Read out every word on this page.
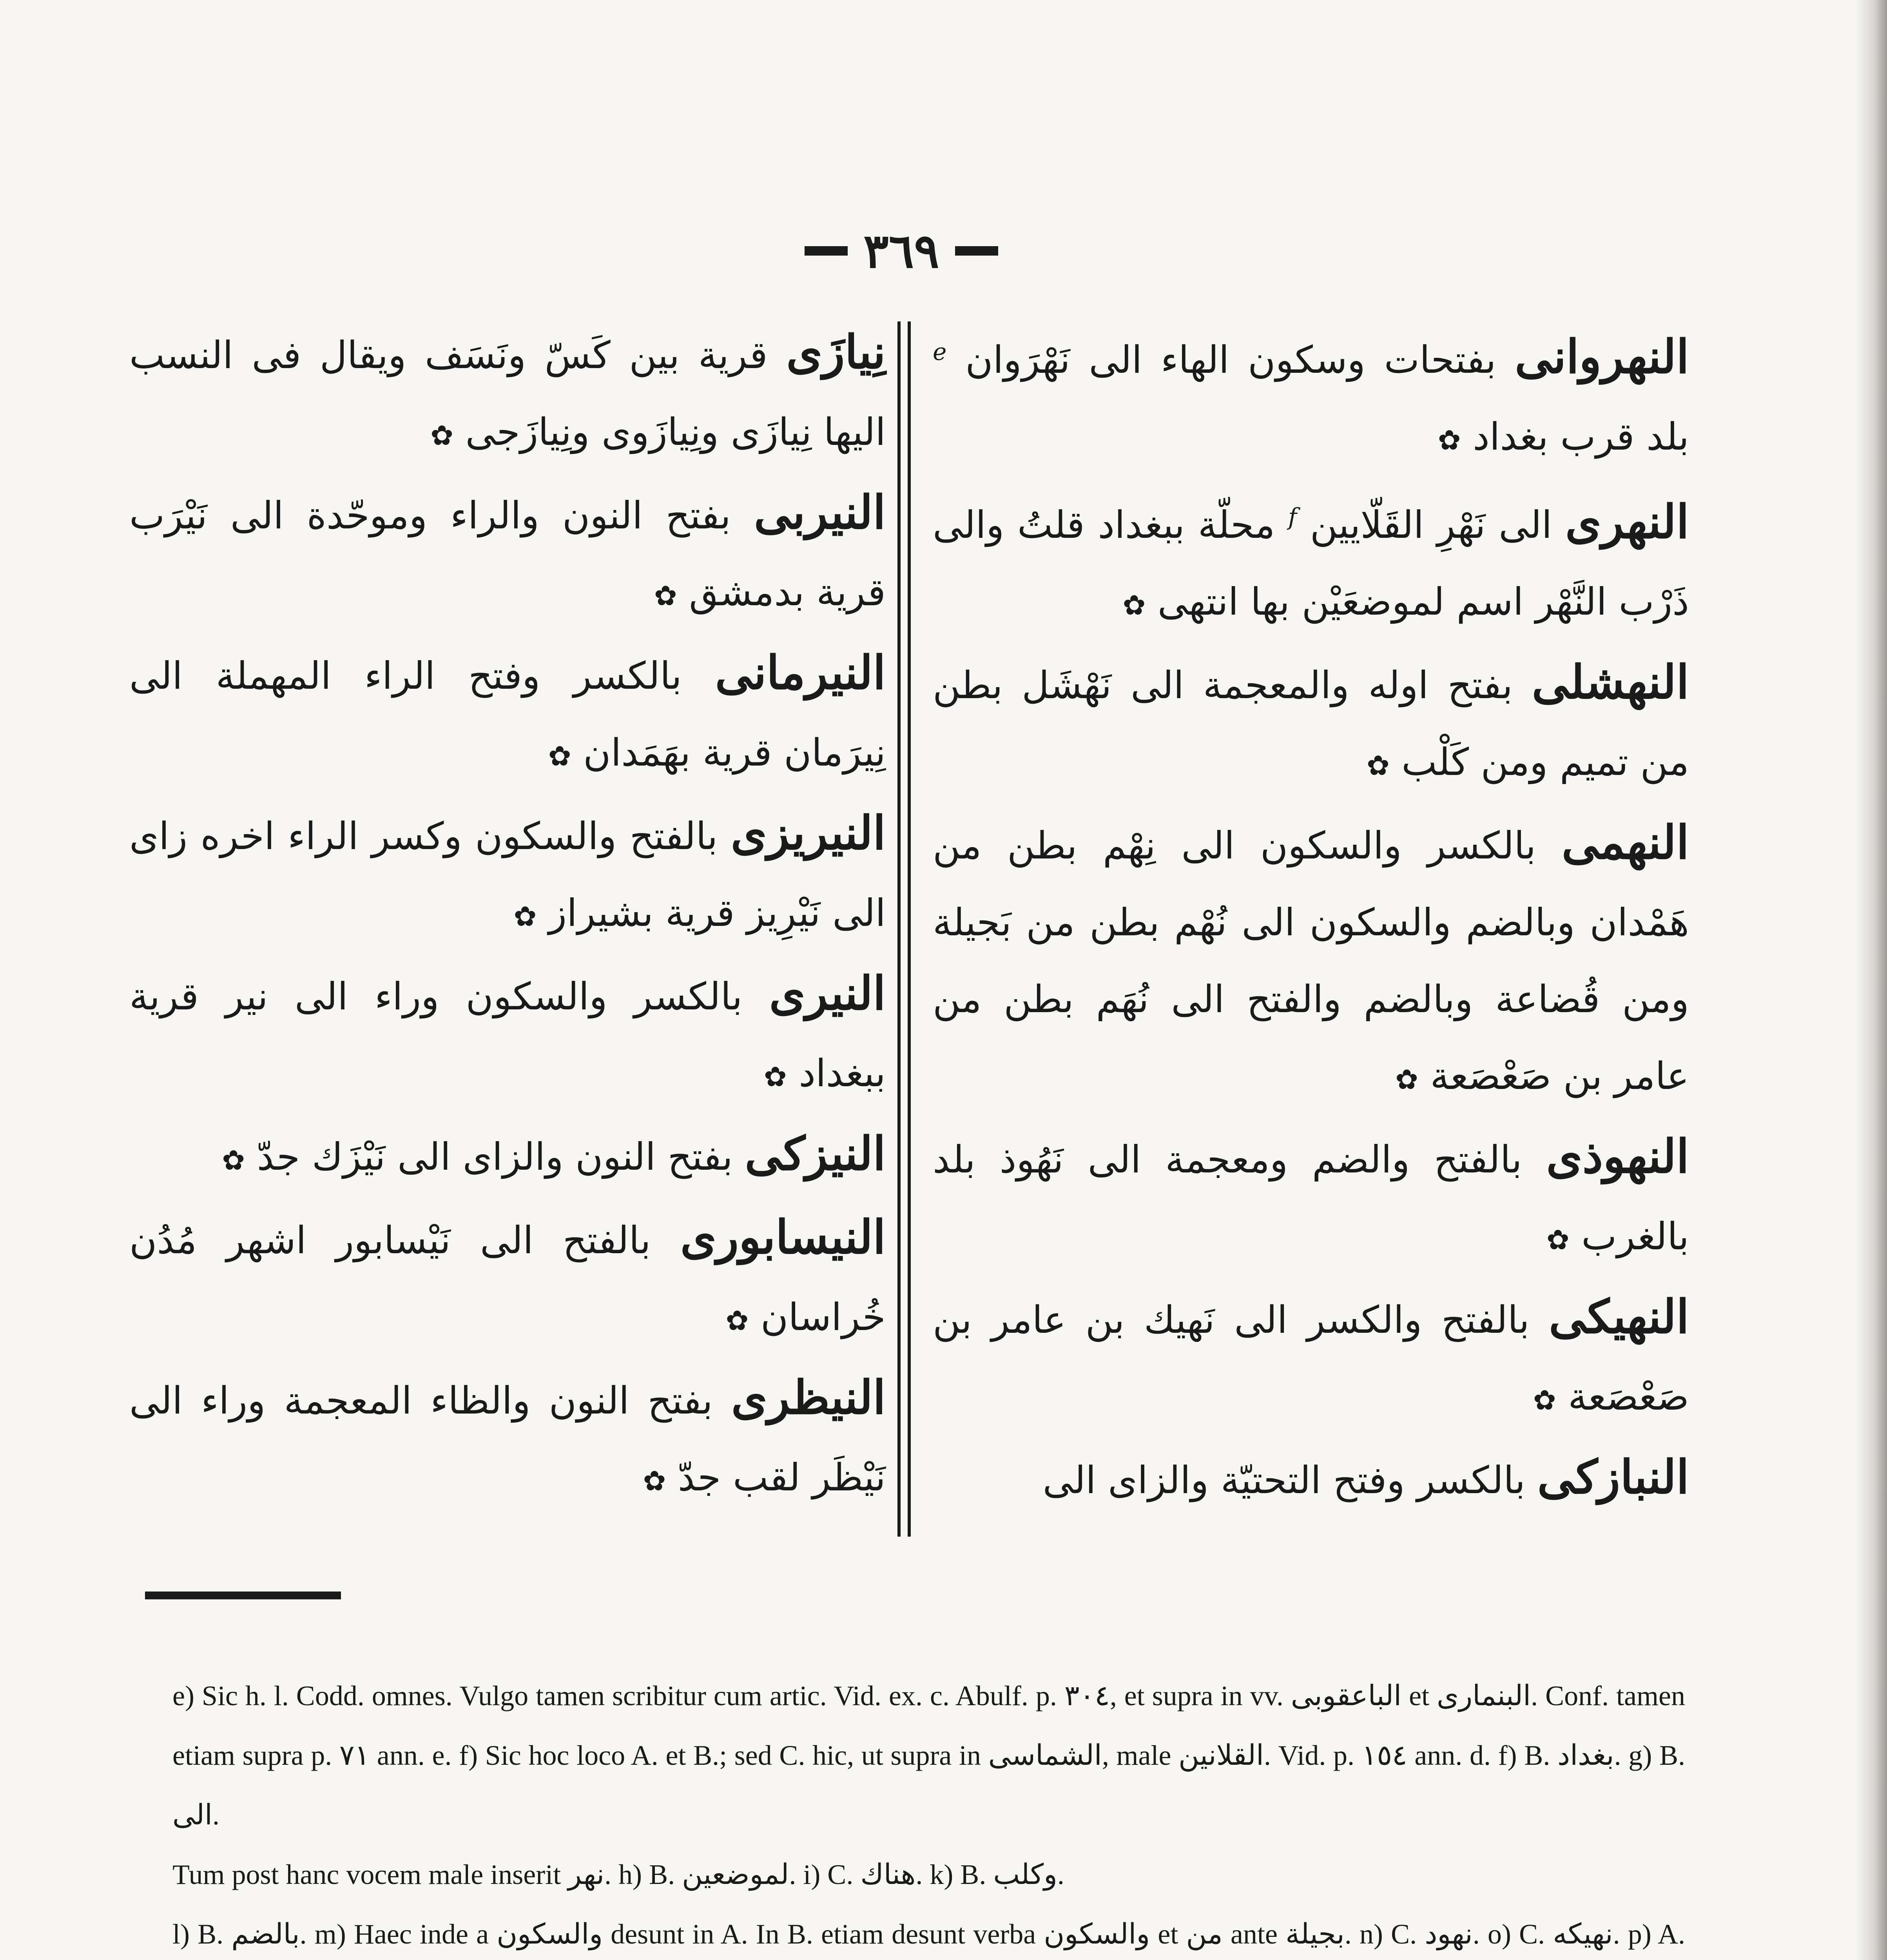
٣٦٩

النهروانى بفتحات وسكون الهاء الى نَهْرَوان $^e$ بلد قرب بغداد ✿

النهرى الى نَهْرِ القَلّايين $^f$ محلّة ببغداد قلتُ والى ذَرْب النَّهْر اسم لموضعَيْن بها انتهى ✿

النهشلى بفتح اوله والمعجمة الى نَهْشَل بطن من تميم ومن كَلْب ✿

النهمى بالكسر والسكون الى نِهْم بطن من هَمْدان وبالضم والسكون الى نُهْم بطن من بَجيلة ومن قُضاعة وبالضم والفتح الى نُهَم بطن من عامر بن صَعْصَعة ✿

النهوذى بالفتح والضم ومعجمة الى نَهُوذ بلد بالغرب ✿

النهيكى بالفتح والكسر الى نَهيك بن عامر بن صَعْصَعة ✿

النبازكى بالكسر وفتح التحتيّة والزاى الى

نِيازَى قرية بين كَسّ ونَسَف ويقال فى النسب اليها نِيازَى ونِيازَوى ونِيازَجى ✿

النيربى بفتح النون والراء وموحّدة الى نَيْرَب قرية بدمشق ✿

النيرمانى بالكسر وفتح الراء المهملة الى نِيرَمان قرية بهَمَدان ✿

النيريزى بالفتح والسكون وكسر الراء اخره زاى الى نَيْرِيز قرية بشيراز ✿

النيرى بالكسر والسكون وراء الى نير قرية ببغداد ✿

النيزكى بفتح النون والزاى الى نَيْزَك جدّ ✿

النيسابورى بالفتح الى نَيْسابور اشهر مُدُن خُراسان ✿

النيظرى بفتح النون والظاء المعجمة وراء الى نَيْظَر لقب جدّ ✿

e) Sic h. l. Codd. omnes. Vulgo tamen scribitur cum artic. Vid. ex. c. Abulf. p. ٣٠٤, et supra in vv. الباعقوبى et البنمارى. Conf. tamen etiam supra p. ٧١ ann. e. f) Sic hoc loco A. et B.; sed C. hic, ut supra in الشماسى, male القلانين. Vid. p. ١٥٤ ann. d. f) B. بغداد. g) B. الى.

Tum post hanc vocem male inserit نهر. h) B. لموضعين. i) C. هناك. k) B. وكلب.

l) B. بالضم. m) Haec inde a والسكون desunt in A. In B. etiam desunt verba والسكون et من ante بجيلة. n) C. نهود. o) C. نهيكه. p) A.
